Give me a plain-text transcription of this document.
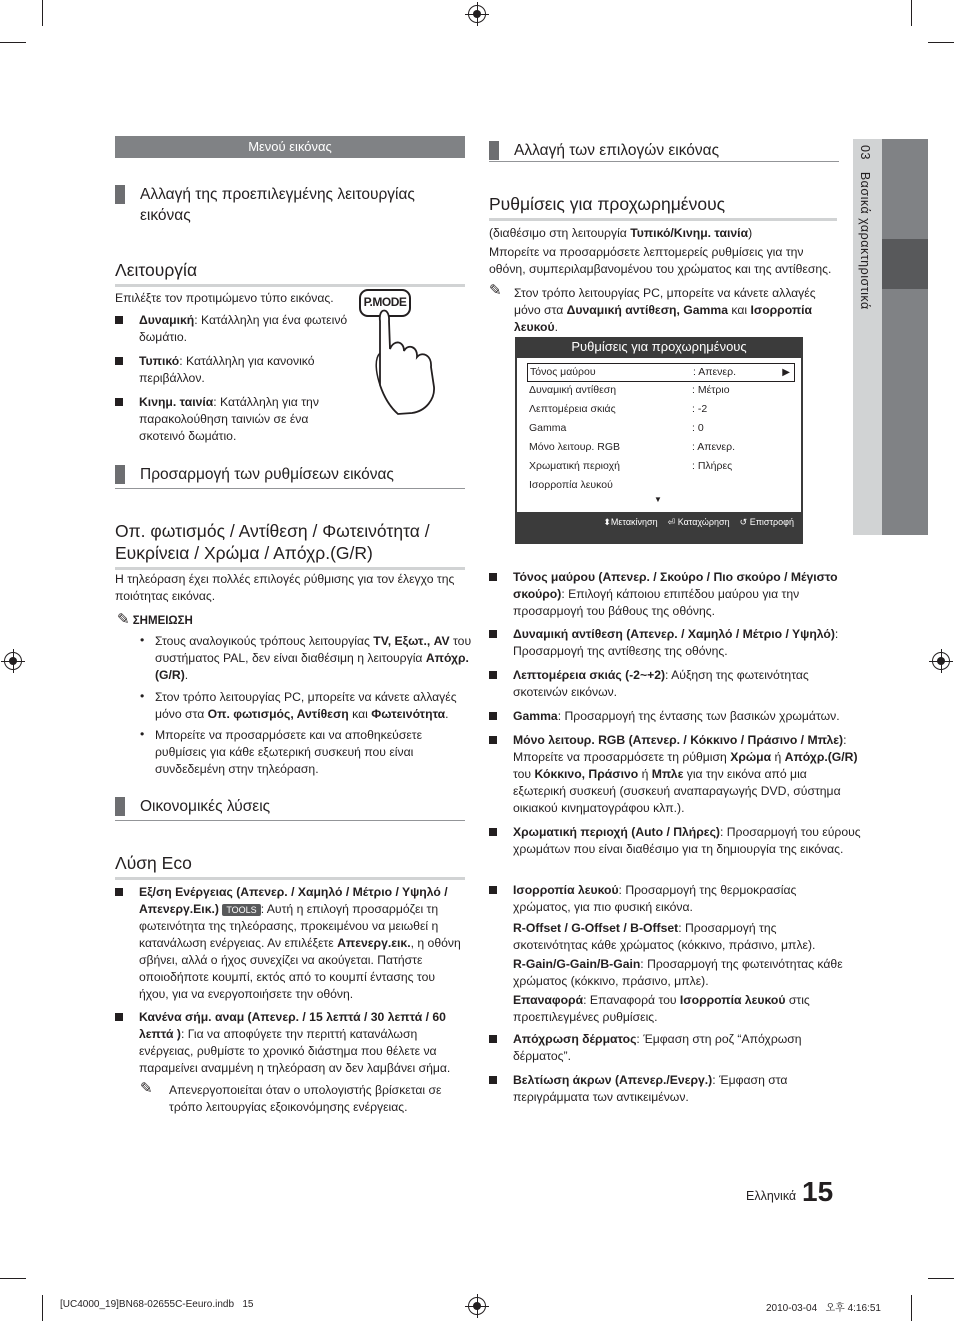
03   Βασικά χαρακτηριστικά
Μενού εικόνας
Αλλαγή της προεπιλεγμένης λειτουργίας εικόνας
Λειτουργία
Επιλέξτε τον προτιμώμενο τύπο εικόνας.	P.MODE
Δυναμική: Κατάλληλη για ένα φωτεινό δωμάτιο.
Τυπικό: Κατάλληλη για κανονικό περιβάλλον.
Κινημ. ταινία: Κατάλληλη για την παρακολούθηση ταινιών σε ένα σκοτεινό δωμάτιο.
Προσαρμογή των ρυθμίσεων εικόνας
Οπ. φωτισμός / Αντίθεση / Φωτεινότητα / Ευκρίνεια / Χρώμα / Απόχρ.(G/R)
Η τηλεόραση έχει πολλές επιλογές ρύθμισης για τον έλεγχο της ποιότητας εικόνας.
✎ ΣΗΜΕΙΩΣΗ
• Στους αναλογικούς τρόπους λειτουργίας TV, Εξωτ., AV του συστήματος PAL, δεν είναι διαθέσιμη η λειτουργία Απόχρ.(G/R).
• Στον τρόπο λειτουργίας PC, μπορείτε να κάνετε αλλαγές μόνο στα Οπ. φωτισμός, Αντίθεση και Φωτεινότητα.
• Μπορείτε να προσαρμόσετε και να αποθηκεύσετε ρυθμίσεις για κάθε εξωτερική συσκευή που είναι συνδεδεμένη στην τηλεόραση.
Οικονομικές λύσεις
Λύση Eco
Εξ/ση Ενέργειας (Απενερ. / Χαμηλό / Μέτριο / Υψηλό / Απενεργ.Εικ.) TOOLS : Αυτή η επιλογή προσαρμόζει τη φωτεινότητα της τηλεόρασης, προκειμένου να μειωθεί η κατανάλωση ενέργειας. Αν επιλέξετε Απενεργ.εικ., η οθόνη σβήνει, αλλά ο ήχος συνεχίζει να ακούγεται. Πατήστε οποιοδήποτε κουμπί, εκτός από το κουμπί έντασης του ήχου, για να ενεργοποιήσετε την οθόνη.
Κανένα σήμ. αναμ (Απενερ. / 15 λεπτά / 30 λεπτά / 60 λεπτά ): Για να αποφύγετε την περιττή κατανάλωση ενέργειας, ρυθμίστε το χρονικό διάστημα που θέλετε να παραμείνει αναμμένη η τηλεόραση αν δεν λαμβάνει σήμα.
✎ Απενεργοποιείται όταν ο υπολογιστής βρίσκεται σε τρόπο λειτουργίας εξοικονόμησης ενέργειας.
Αλλαγή των επιλογών εικόνας
Ρυθμίσεις για προχωρημένους
(διαθέσιμο στη λειτουργία Τυπικό/Κινημ. ταινία)
Μπορείτε να προσαρμόσετε λεπτομερείς ρυθμίσεις για την οθόνη, συμπεριλαμβανομένου του χρώματος και της αντίθεσης.
✎ Στον τρόπο λειτουργίας PC, μπορείτε να κάνετε αλλαγές μόνο στα Δυναμική αντίθεση, Gamma και Ισορροπία λευκού.
Ρυθμίσεις για προχωρημένους
Τόνος μαύρου	: Απενερ.	▶
Δυναμική αντίθεση	: Μέτριο
Λεπτομέρεια σκιάς	: -2
Gamma	: 0
Μόνο λειτουρ. RGB	: Απενερ.
Χρωματική περιοχή	: Πλήρες
Ισορροπία λευκού
▼
⬍Μετακίνηση ⏎ Καταχώρηση ↺ Επιστροφή
Τόνος μαύρου (Απενερ. / Σκούρο / Πιο σκούρο / Μέγιστο σκούρο): Επιλογή κάποιου επιπέδου μαύρου για την προσαρμογή του βάθους της οθόνης.
Δυναμική αντίθεση (Απενερ. / Χαμηλό / Μέτριο / Υψηλό): Προσαρμογή της αντίθεσης της οθόνης.
Λεπτομέρεια σκιάς (-2~+2): Αύξηση της φωτεινότητας σκοτεινών εικόνων.
Gamma: Προσαρμογή της έντασης των βασικών χρωμάτων.
Μόνο λειτουρ. RGB (Απενερ. / Κόκκινο / Πράσινο / Μπλε): Μπορείτε να προσαρμόσετε τη ρύθμιση Χρώμα ή Απόχρ.(G/R) του Κόκκινο, Πράσινο ή Μπλε για την εικόνα από μια εξωτερική συσκευή (συσκευή αναπαραγωγής DVD, σύστημα οικιακού κινηματογράφου κλπ.).
Χρωματική περιοχή (Auto / Πλήρες): Προσαρμογή του εύρους χρωμάτων που είναι διαθέσιμο για τη δημιουργία της εικόνας.
Ισορροπία λευκού: Προσαρμογή της θερμοκρασίας χρώματος, για πιο φυσική εικόνα.
R-Offset / G-Offset / B-Offset: Προσαρμογή της σκοτεινότητας κάθε χρώματος (κόκκινο, πράσινο, μπλε).
R-Gain/G-Gain/B-Gain: Προσαρμογή της φωτεινότητας κάθε χρώματος (κόκκινο, πράσινο, μπλε).
Επαναφορά: Επαναφορά του Ισορροπία λευκού στις προεπιλεγμένες ρυθμίσεις.
Απόχρωση δέρματος: Έμφαση στη ροζ “Απόχρωση δέρματος”.
Βελτίωση άκρων (Απενερ./Ενεργ.): Έμφαση στα περιγράμματα των αντικειμένων.
Ελληνικά 15
[UC4000_19]BN68-02655C-Eeuro.indb   15	2010-03-04   오후 4:16:51
